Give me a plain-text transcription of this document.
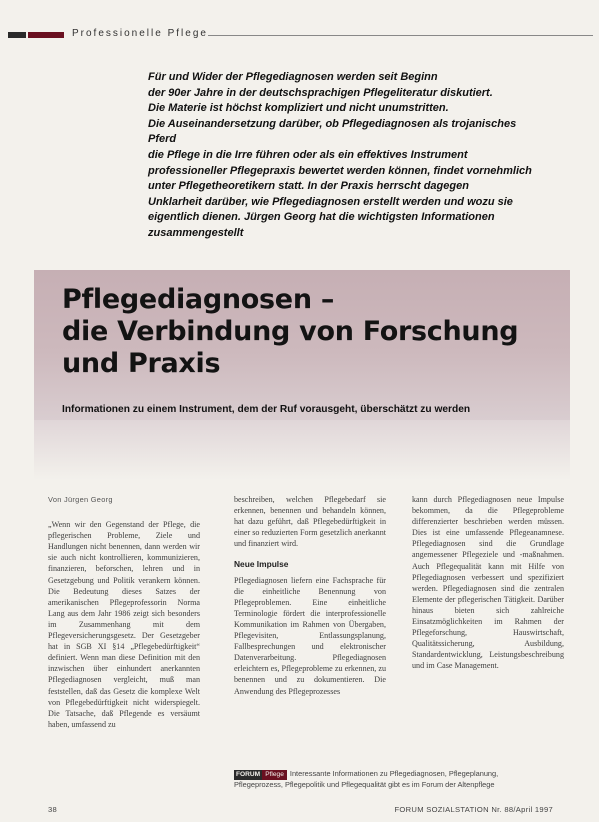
Professionelle Pflege
Für und Wider der Pflegediagnosen werden seit Beginn
der 90er Jahre in der deutschsprachigen Pflegeliteratur diskutiert.
Die Materie ist höchst kompliziert und nicht unumstritten.
Die Auseinandersetzung darüber, ob Pflegediagnosen als trojanisches Pferd
die Pflege in die Irre führen oder als ein effektives Instrument
professioneller Pflegepraxis bewertet werden können, findet vornehmlich
unter Pflegetheoretikern statt. In der Praxis herrscht dagegen
Unklarheit darüber, wie Pflegediagnosen erstellt werden und wozu sie
eigentlich dienen. Jürgen Georg hat die wichtigsten Informationen
zusammengestellt
Pflegediagnosen –
die Verbindung von Forschung
und Praxis

Informationen zu einem Instrument, dem der Ruf vorausgeht, überschätzt zu werden

Von Jürgen Georg

„Wenn wir den Gegenstand der Pflege, die pflegerischen Probleme, Ziele und Handlungen nicht benennen, dann werden wir sie auch nicht kontrollieren, kommunizieren, finanzieren, beforschen, lehren und in Gesetzgebung und Politik verankern können. Die Bedeutung dieses Satzes der amerikanischen Pflegeprofessorin Norma Lang aus dem Jahr 1986 zeigt sich besonders im Zusammenhang mit dem Pflegeversicherungsgesetz. Der Gesetzgeber hat in SGB XI §14 „Pflegebedürftigkeit“ definiert. Wenn man diese Definition mit den inzwischen über einhundert anerkannten Pflegediagnosen vergleicht, muß man feststellen, daß das Gesetz die komplexe Welt von Pflegebedürftigkeit nicht widerspiegelt. Die Tatsache, daß Pflegende es versäumt haben, umfassend zu

beschreiben, welchen Pflegebedarf sie erkennen, benennen und behandeln können, hat dazu geführt, daß Pflegebedürftigkeit in einer so reduzierten Form gesetzlich anerkannt und finanziert wird.

Neue Impulse

Pflegediagnosen liefern eine Fachsprache für die einheitliche Benennung von Pflegeproblemen. Eine einheitliche Terminologie fördert die interprofessionelle Kommunikation im Rahmen von Übergaben, Pflegevisiten, Entlassungsplanung, Fallbesprechungen und elektronischer Datenverarbeitung. Pflegediagnosen erleichtern es, Pflegeprobleme zu erkennen, zu benennen und zu dokumentieren. Die Anwendung des Pflegeprozesses

kann durch Pflegediagnosen neue Impulse bekommen, da die Pflegeprobleme differenzierter beschrieben werden müssen. Dies ist eine umfassende Pflegeanamnese. Pflegediagnosen sind die Grundlage angemessener Pflegeziele und -maßnahmen. Auch Pflegequalität kann mit Hilfe von Pflegediagnosen verbessert und spezifiziert werden. Pflegediagnosen sind die zentralen Elemente der pflegerischen Tätigkeit. Darüber hinaus bieten sich zahlreiche Einsatzmöglichkeiten im Rahmen der Pflegeforschung, Hauswirtschaft, Qualitätssicherung, Ausbildung, Standardentwicklung, Leistungsbeschreibung und im Case Management.

FORUM Pflege Interessante Informationen zu Pflegediagnosen, Pflegeplanung, Pflegeprozess, Pflegepolitik und Pflegequalität gibt es im Forum der Altenpflege
38	FORUM SOZIALSTATION Nr. 88/April 1997
